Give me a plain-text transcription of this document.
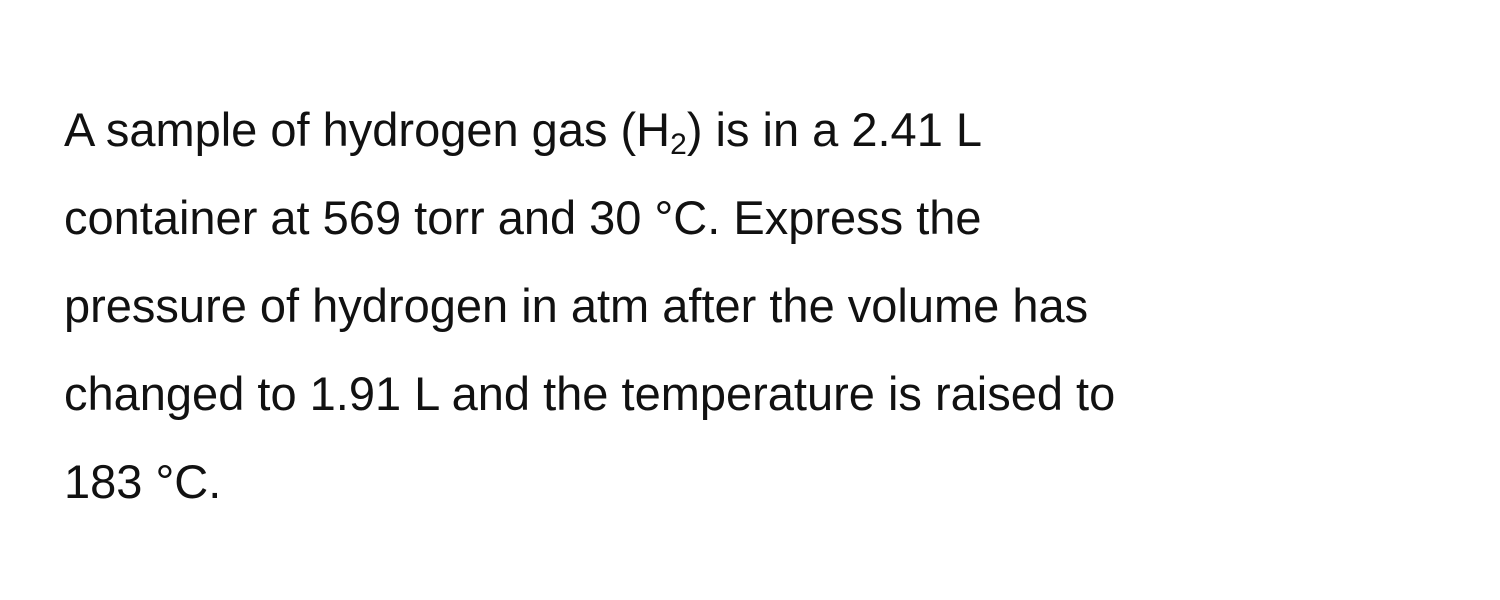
A sample of hydrogen gas $(H_2)$ is in a 2.41 L
container at 569 torr and 30 °C. Express the
pressure of hydrogen in atm after the volume has
changed to 1.91 L and the temperature is raised to
183 °C.
